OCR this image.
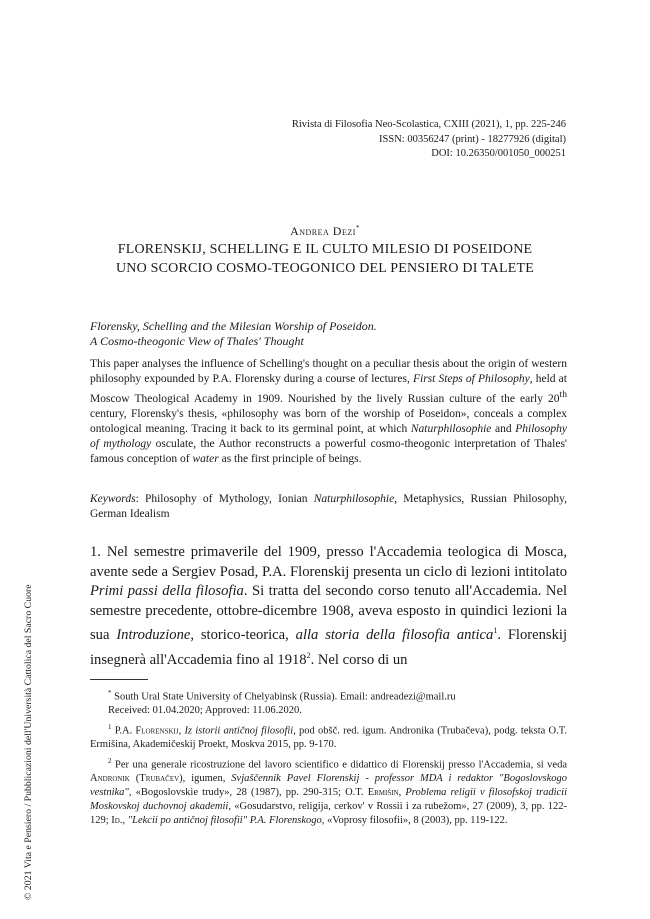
Rivista di Filosofia Neo-Scolastica, CXIII (2021), 1, pp. 225-246
ISSN: 00356247 (print) - 18277926 (digital)
DOI: 10.26350/001050_000251
Andrea Dezi*
FLORENSKIJ, SCHELLING E IL CULTO MILESIO DI POSEIDONE
UNO SCORCIO COSMO-TEOGONICO DEL PENSIERO DI TALETE
Florensky, Schelling and the Milesian Worship of Poseidon.
A Cosmo-theogonic View of Thales' Thought

This paper analyses the influence of Schelling's thought on a peculiar thesis about the origin of western philosophy expounded by P.A. Florensky during a course of lectures, First Steps of Philosophy, held at Moscow Theological Academy in 1909. Nourished by the lively Russian culture of the early 20th century, Florensky's thesis, «philosophy was born of the worship of Poseidon», conceals a complex ontological meaning. Tracing it back to its germinal point, at which Naturphilosophie and Philosophy of mythology osculate, the Author reconstructs a powerful cosmo-theogonic interpretation of Thales' famous conception of water as the first principle of beings.

Keywords: Philosophy of Mythology, Ionian Naturphilosophie, Metaphysics, Russian Philosophy, German Idealism
1. Nel semestre primaverile del 1909, presso l'Accademia teologica di Mosca, avente sede a Sergiev Posad, P.A. Florenskij presenta un ciclo di lezioni intitolato Primi passi della filosofia. Si tratta del secondo corso tenuto all'Accademia. Nel semestre precedente, ottobre-dicembre 1908, aveva esposto in quindici lezioni la sua Introduzione, storico-teorica, alla storia della filosofia antica$^1$. Florenskij insegnerà all'Accademia fino al 1918$^2$. Nel corso di un
* South Ural State University of Chelyabinsk (Russia). Email: andreadezi@mail.ru
Received: 01.04.2020; Approved: 11.06.2020.
$^1$ P.A. Florenskij, Iz istorii antičnoj filosofii, pod obšč. red. igum. Andronika (Trubačeva), podg. teksta O.T. Ermišina, Akademičeskij Proekt, Moskva 2015, pp. 9-170.
$^2$ Per una generale ricostruzione del lavoro scientifico e didattico di Florenskij presso l'Accademia, si veda Andronik (Trubačev), igumen, Svjaščennik Pavel Florenskij - professor MDA i redaktor "Bogoslovskogo vestnika", «Bogoslovskie trudy», 28 (1987), pp. 290-315; O.T. Ermišin, Problema religii v filosofskoj tradicii Moskovskoj duchovnoj akademii, «Gosudarstvo, religija, cerkov' v Rossii i za rubežom», 27 (2009), 3, pp. 122-129; Id., "Lekcii po antičnoj filosofii" P.A. Florenskogo, «Voprosy filosofii», 8 (2003), pp. 119-122.
© 2021 Vita e Pensiero / Pubblicazioni dell'Università Cattolica del Sacro Cuore
